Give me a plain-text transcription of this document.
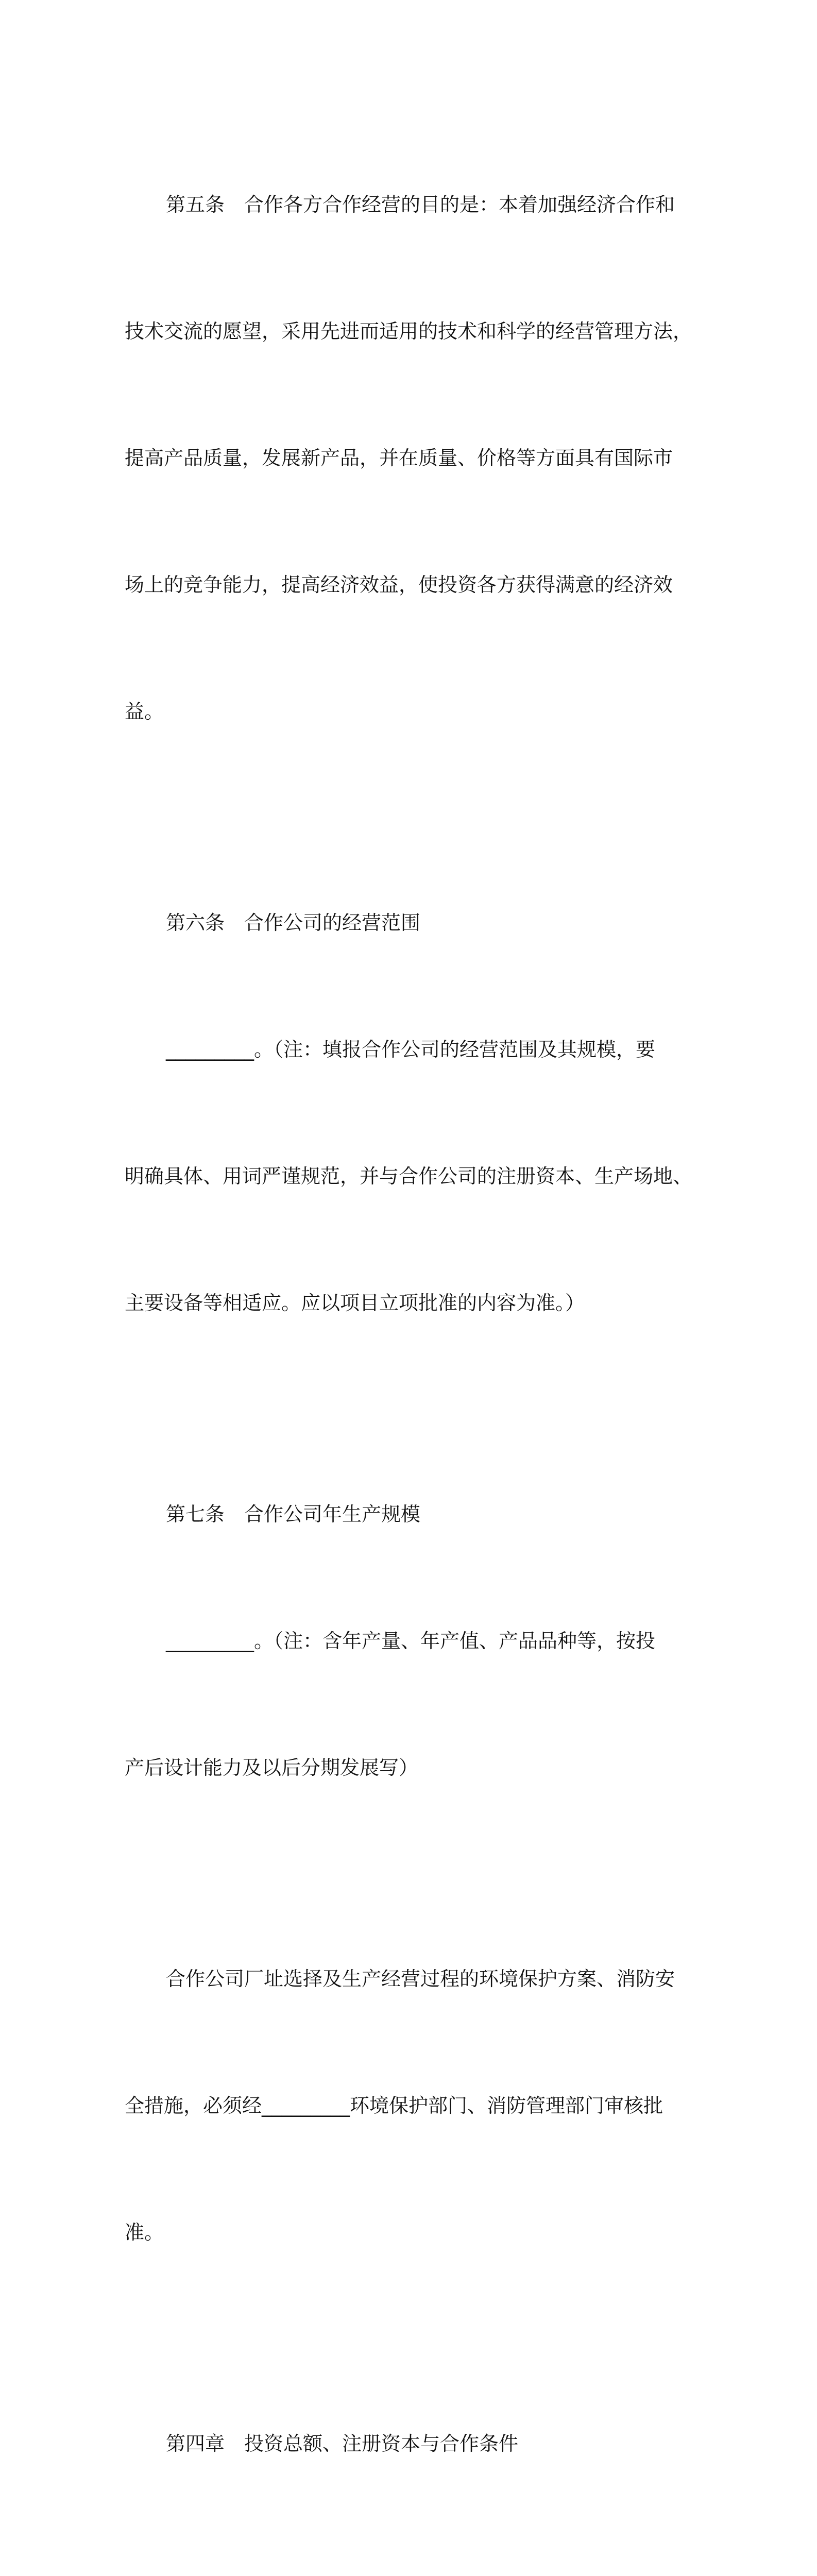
第五条　合作各方合作经营的目的是：本着加强经济合作和

技术交流的愿望，采用先进而适用的技术和科学的经营管理方法，

提高产品质量，发展新产品，并在质量、价格等方面具有国际市

场上的竞争能力，提高经济效益，使投资各方获得满意的经济效

益。

第六条　合作公司的经营范围

_________。（注：填报合作公司的经营范围及其规模，要

明确具体、用词严谨规范，并与合作公司的注册资本、生产场地、

主要设备等相适应。应以项目立项批准的内容为准。）

第七条　合作公司年生产规模

_________。（注：含年产量、年产值、产品品种等，按投

产后设计能力及以后分期发展写）

合作公司厂址选择及生产经营过程的环境保护方案、消防安

全措施，必须经_________环境保护部门、消防管理部门审核批

准。

第四章　投资总额、注册资本与合作条件
